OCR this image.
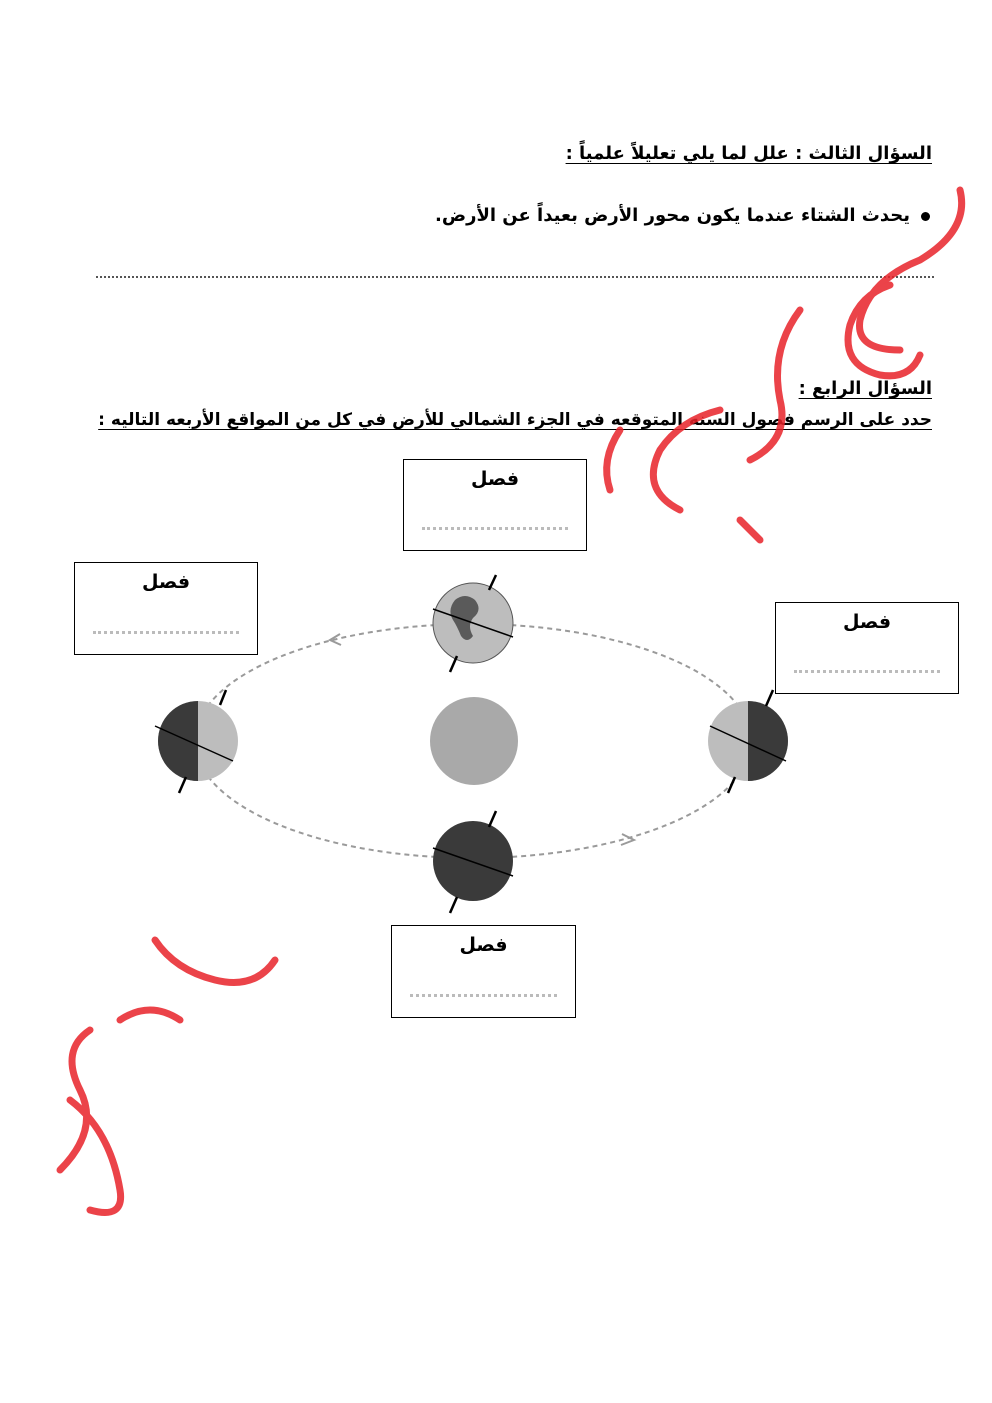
السؤال الثالث : علل لما يلي تعليلاً علمياً :
يحدث الشتاء عندما يكون محور الأرض بعيداً عن الأرض.
السؤال الرابع :
حدد على الرسم فصول السنه المتوقعه في الجزء الشمالي للأرض في كل من المواقع الأربعه التاليه :
فصل
فصل
فصل
فصل
